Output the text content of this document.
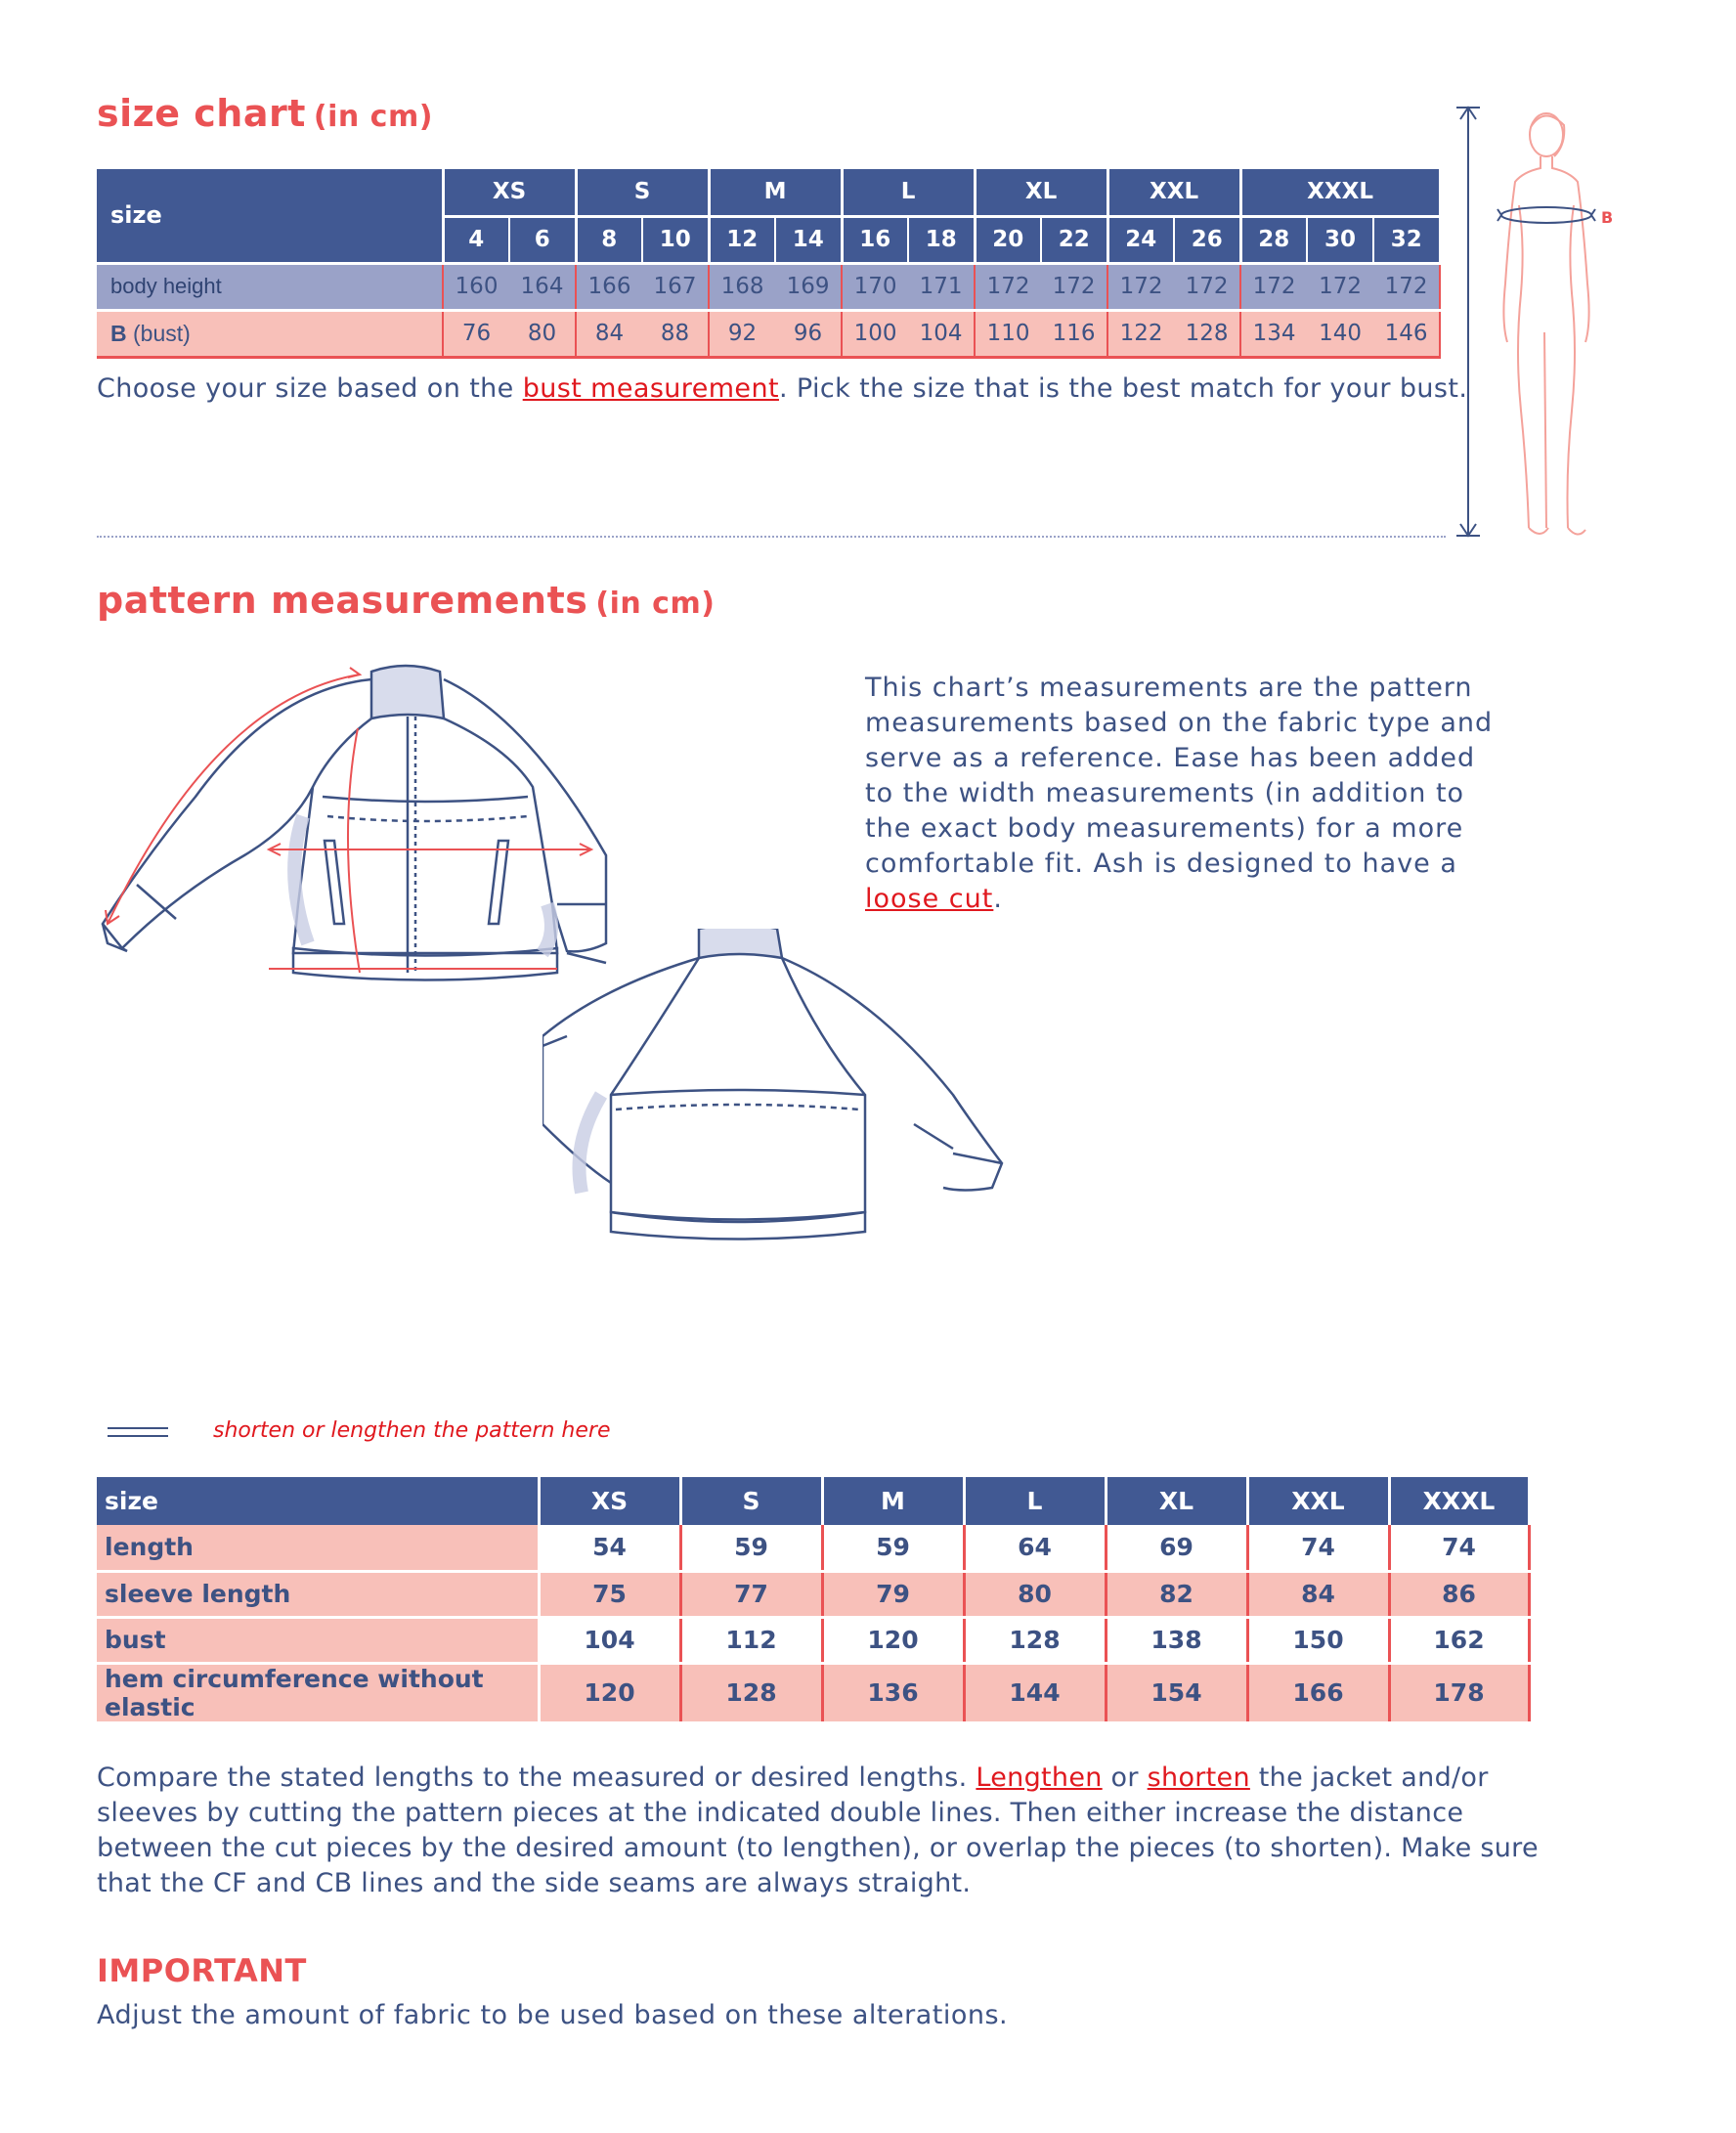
size chart (in cm)
size	XS		S		M		L		XL		XXL		XXXL		
	4	6	8	10	12	14	16	18	20	22	24	26	28	30	32
body height	160	164	166	167	168	169	170	171	172	172	172	172	172	172	172
B (bust)	76	80	84	88	92	96	100	104	110	116	122	128	134	140	146
Choose your size based on the bust measurement. Pick the size that is the best match for your bust.
B
pattern measurements (in cm)
This chart’s measurements are the pattern measurements based on the fabric type and serve as a reference. Ease has been added to the width measurements (in addition to the exact body measurements) for a more comfortable fit. Ash is designed to have a loose cut.
shorten or lengthen the pattern here
size	XS	S	M	L	XL	XXL	XXXL
length	54	59	59	64	69	74	74
sleeve length	75	77	79	80	82	84	86
bust	104	112	120	128	138	150	162
hem circumference without elastic	120	128	136	144	154	166	178
Compare the stated lengths to the measured or desired lengths. Lengthen or shorten the jacket and/or sleeves by cutting the pattern pieces at the indicated double lines. Then either increase the distance between the cut pieces by the desired amount (to lengthen), or overlap the pieces (to shorten). Make sure that the CF and CB lines and the side seams are always straight.
IMPORTANT
Adjust the amount of fabric to be used based on these alterations.
